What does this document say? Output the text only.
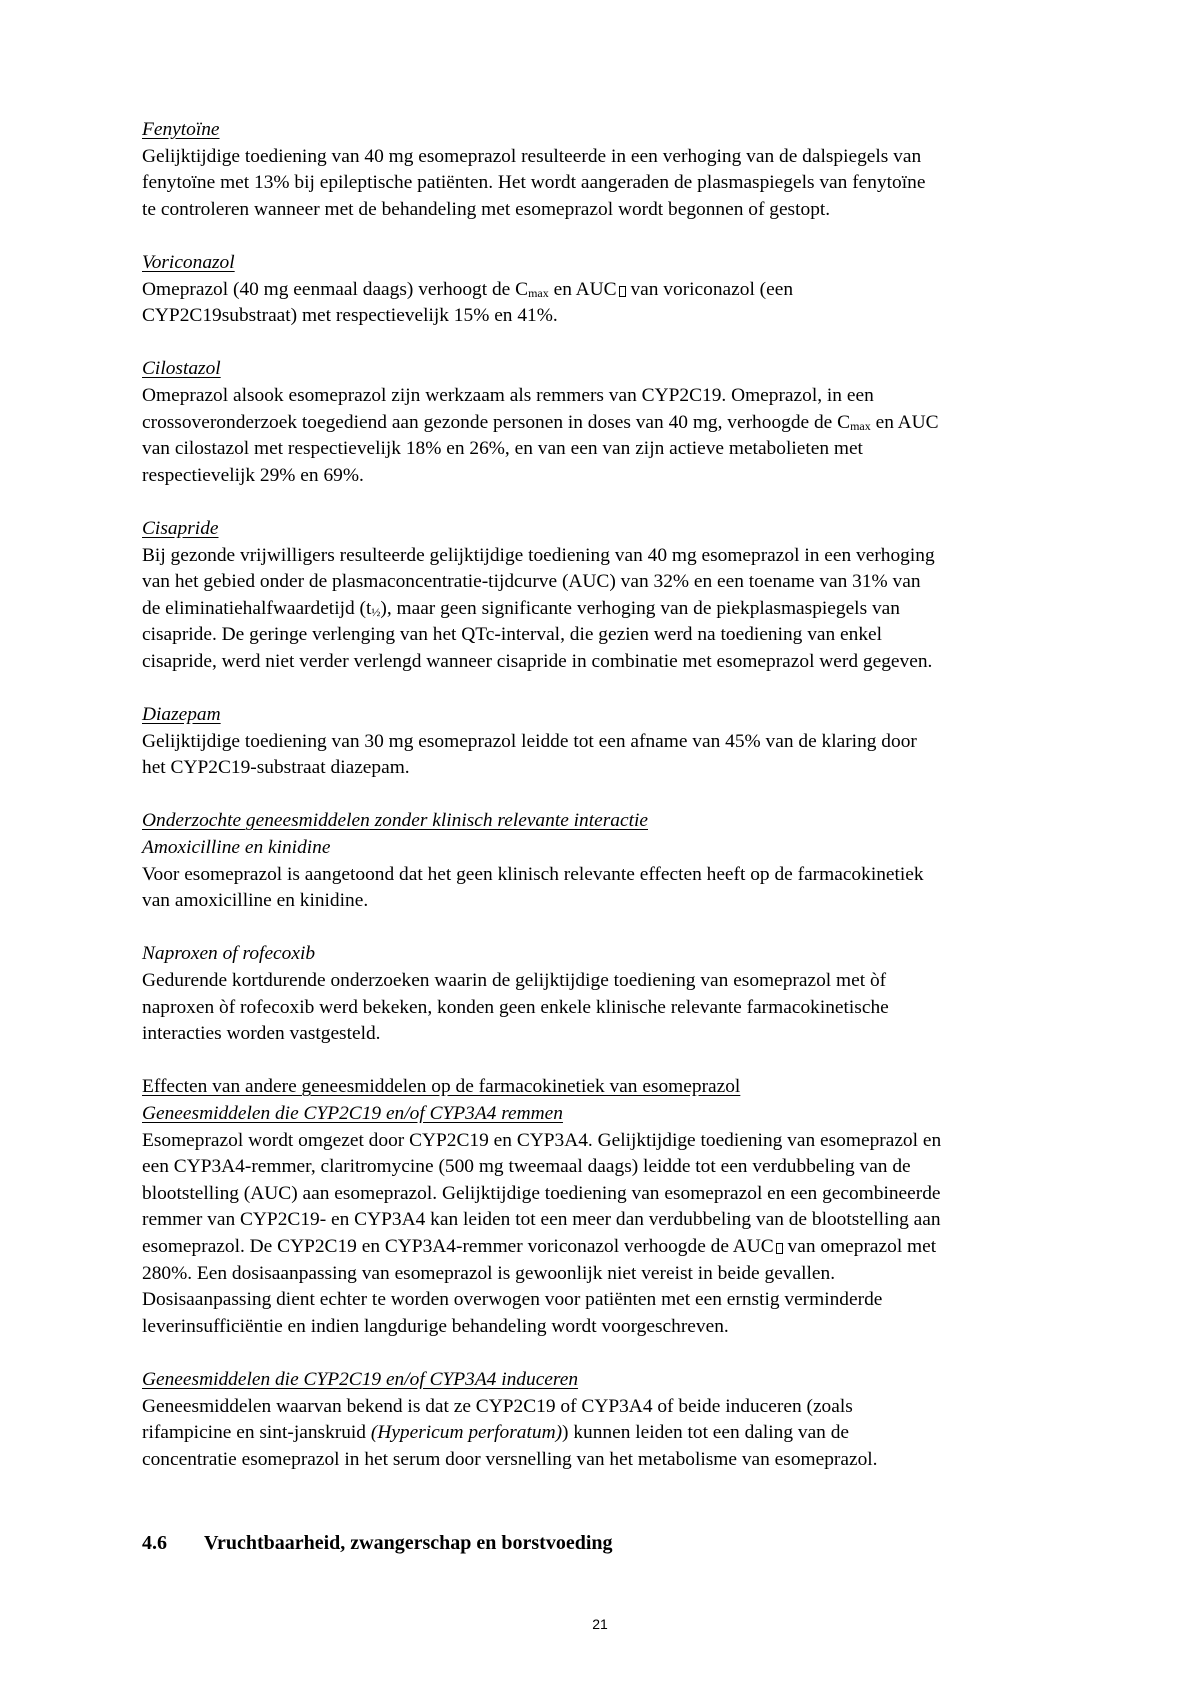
Fenytoïne
Gelijktijdige toediening van 40 mg esomeprazol resulteerde in een verhoging van de dalspiegels van
fenytoïne met 13% bij epileptische patiënten. Het wordt aangeraden de plasmaspiegels van fenytoïne
te controleren wanneer met de behandeling met esomeprazol wordt begonnen of gestopt.
Voriconazol
Omeprazol (40 mg eenmaal daags) verhoogt de $C_{max}$ en AUC van voriconazol (een
CYP2C19substraat) met respectievelijk 15% en 41%.
Cilostazol
Omeprazol alsook esomeprazol zijn werkzaam als remmers van CYP2C19. Omeprazol, in een
crossoveronderzoek toegediend aan gezonde personen in doses van 40 mg, verhoogde de $C_{max}$ en AUC
van cilostazol met respectievelijk 18% en 26%, en van een van zijn actieve metabolieten met
respectievelijk 29% en 69%.
Cisapride
Bij gezonde vrijwilligers resulteerde gelijktijdige toediening van 40 mg esomeprazol in een verhoging
van het gebied onder de plasmaconcentratie-tijdcurve (AUC) van 32% en een toename van 31% van
de eliminatiehalfwaardetijd $(t_{\frac{1}{2}})$, maar geen significante verhoging van de piekplasmaspiegels van
cisapride. De geringe verlenging van het QTc-interval, die gezien werd na toediening van enkel
cisapride, werd niet verder verlengd wanneer cisapride in combinatie met esomeprazol werd gegeven.
Diazepam
Gelijktijdige toediening van 30 mg esomeprazol leidde tot een afname van 45% van de klaring door
het CYP2C19-substraat diazepam.
Onderzochte geneesmiddelen zonder klinisch relevante interactie
Amoxicilline en kinidine
Voor esomeprazol is aangetoond dat het geen klinisch relevante effecten heeft op de farmacokinetiek
van amoxicilline en kinidine.
Naproxen of rofecoxib
Gedurende kortdurende onderzoeken waarin de gelijktijdige toediening van esomeprazol met òf
naproxen òf rofecoxib werd bekeken, konden geen enkele klinische relevante farmacokinetische
interacties worden vastgesteld.
Effecten van andere geneesmiddelen op de farmacokinetiek van esomeprazol
Geneesmiddelen die CYP2C19 en/of CYP3A4 remmen
Esomeprazol wordt omgezet door CYP2C19 en CYP3A4. Gelijktijdige toediening van esomeprazol en
een CYP3A4-remmer, claritromycine (500 mg tweemaal daags) leidde tot een verdubbeling van de
blootstelling (AUC) aan esomeprazol. Gelijktijdige toediening van esomeprazol en een gecombineerde
remmer van CYP2C19- en CYP3A4 kan leiden tot een meer dan verdubbeling van de blootstelling aan
esomeprazol. De CYP2C19 en CYP3A4-remmer voriconazol verhoogde de AUC van omeprazol met
280%. Een dosisaanpassing van esomeprazol is gewoonlijk niet vereist in beide gevallen.
Dosisaanpassing dient echter te worden overwogen voor patiënten met een ernstig verminderde
leverinsufficiëntie en indien langdurige behandeling wordt voorgeschreven.
Geneesmiddelen die CYP2C19 en/of CYP3A4 induceren
Geneesmiddelen waarvan bekend is dat ze CYP2C19 of CYP3A4 of beide induceren (zoals
rifampicine en sint-janskruid (Hypericum perforatum)) kunnen leiden tot een daling van de
concentratie esomeprazol in het serum door versnelling van het metabolisme van esomeprazol.
4.6 Vruchtbaarheid, zwangerschap en borstvoeding
21
